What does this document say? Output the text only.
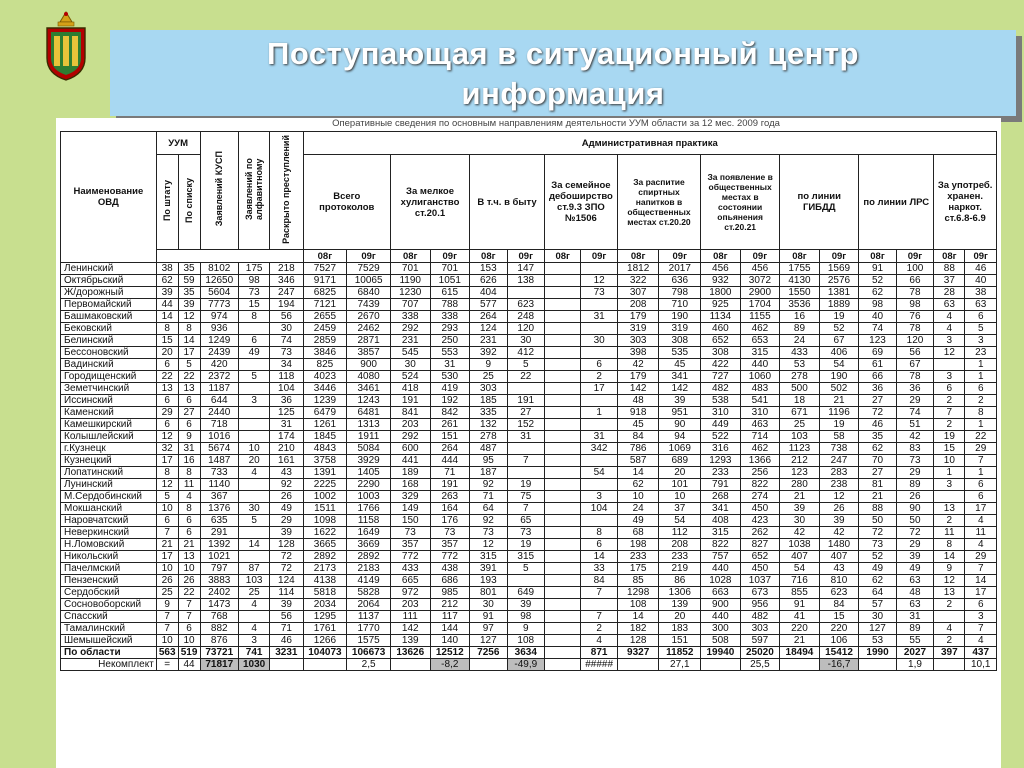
Поступающая в ситуационный центр
информация
Оперативные сведения по основным направлениям деятельности УУМ области за 12 мес. 2009 года
Наименование ОВД	УУМ		Заявлений КУСП	Заявлений по алфавитному	Раскрыто преступлений	Административная практика																	
	По штату	По списку				Всего протоколов		За мелкое хулиганство ст.20.1		В т.ч. в быту		За семейное дебоширство ст.9.3 ЗПО №1506		За распитие спиртных напитков в общественных местах ст.20.20		За появление в общественных местах в состоянии опьянения ст.20.21		по линии ГИБДД		по линии ЛРС		За употреб. хранен. наркот. ст.6.8-6.9	
						08г	09г	08г	09г	08г	09г	08г	09г	08г	09г	08г	09г	08г	09г	08г	09г	08г	09г
Ленинский	38	35	8102	175	218	7527	7529	701	701	153	147			1812	2017	456	456	1755	1569	91	100	88	46
Октябрьский	62	59	12650	98	346	9171	10065	1190	1051	626	138		12	322	636	932	3072	4130	2576	52	66	37	40
Ж/дорожный	39	35	5604	73	247	6825	6840	1230	615	404			73	307	798	1800	2900	1550	1381	62	78	28	38
Первомайский	44	39	7773	15	194	7121	7439	707	788	577	623			208	710	925	1704	3536	1889	98	98	63	63
Башмаковский	14	12	974	8	56	2655	2670	338	338	264	248		31	179	190	1134	1155	16	19	40	76	4	6
Бековский	8	8	936		30	2459	2462	292	293	124	120			319	319	460	462	89	52	74	78	4	5
Белинский	15	14	1249	6	74	2859	2871	231	250	231	30		30	303	308	652	653	24	67	123	120	3	3
Бессоновский	20	17	2439	49	73	3846	3857	545	553	392	412			398	535	308	315	433	406	69	56	12	23
Вадинский	6	5	420		34	825	900	30	31	9	5		6	42	45	422	440	53	54	61	67		1
Городищенский	22	22	2372	5	118	4023	4080	524	530	25	22		2	179	341	727	1060	278	190	66	78	3	1
Земетчинский	13	13	1187		104	3446	3461	418	419	303			17	142	142	482	483	500	502	36	36	6	6
Иссинский	6	6	644	3	36	1239	1243	191	192	185	191			48	39	538	541	18	21	27	29	2	2
Каменский	29	27	2440		125	6479	6481	841	842	335	27		1	918	951	310	310	671	1196	72	74	7	8
Камешкирский	6	6	718		31	1261	1313	203	261	132	152			45	90	449	463	25	19	46	51	2	1
Колышлейский	12	9	1016		174	1845	1911	292	151	278	31		31	84	94	522	714	103	58	35	42	19	22
г.Кузнецк	32	31	5674	10	210	4843	5084	600	264	487			342	786	1069	316	462	1123	738	62	83	15	29
Кузнецкий	17	16	1487	20	161	3758	3929	441	444	95	7			587	689	1293	1366	212	247	70	73	10	7
Лопатинский	8	8	733	4	43	1391	1405	189	71	187			54	14	20	233	256	123	283	27	29	1	1
Лунинский	12	11	1140		92	2225	2290	168	191	92	19			62	101	791	822	280	238	81	89	3	6
М.Сердобинский	5	4	367		26	1002	1003	329	263	71	75		3	10	10	268	274	21	12	21	26		6
Мокшанский	10	8	1376	30	49	1511	1766	149	164	64	7		104	24	37	341	450	39	26	88	90	13	17
Наровчатский	6	6	635	5	29	1098	1158	150	176	92	65			49	54	408	423	30	39	50	50	2	4
Неверкинский	7	6	291		39	1622	1649	73	73	73	73		8	68	112	315	262	42	42	72	72	11	11
Н.Ломовский	21	21	1392	14	128	3665	3669	357	357	12	19		6	198	208	822	827	1038	1480	73	29	8	4
Никольский	17	13	1021		72	2892	2892	772	772	315	315		14	233	233	757	652	407	407	52	39	14	29
Пачелмский	10	10	797	87	72	2173	2183	433	438	391	5		33	175	219	440	450	54	43	49	49	9	7
Пензенский	26	26	3883	103	124	4138	4149	665	686	193			84	85	86	1028	1037	716	810	62	63	12	14
Сердобский	25	22	2402	25	114	5818	5828	972	985	801	649		7	1298	1306	663	673	855	623	64	48	13	17
Сосновоборский	9	7	1473	4	39	2034	2064	203	212	30	39			108	139	900	956	91	84	57	63	2	6
Спасский	7	7	768		56	1295	1137	111	117	91	98		7	14	20	440	482	41	15	30	31		3
Тамалинский	7	6	882	4	71	1761	1770	142	144	97	9		2	182	183	300	303	220	220	127	89	4	7
Шемышейский	10	10	876	3	46	1266	1575	139	140	127	108		4	128	151	508	597	21	106	53	55	2	4
По области	563	519	73721	741	3231	104073	106673	13626	12512	7256	3634		871	9327	11852	19940	25020	18494	15412	1990	2027	397	437
Некомплект	=	44	71817	1030			2,5		-8,2		-49,9		#####		27,1		25,5		-16,7		1,9		10,1
